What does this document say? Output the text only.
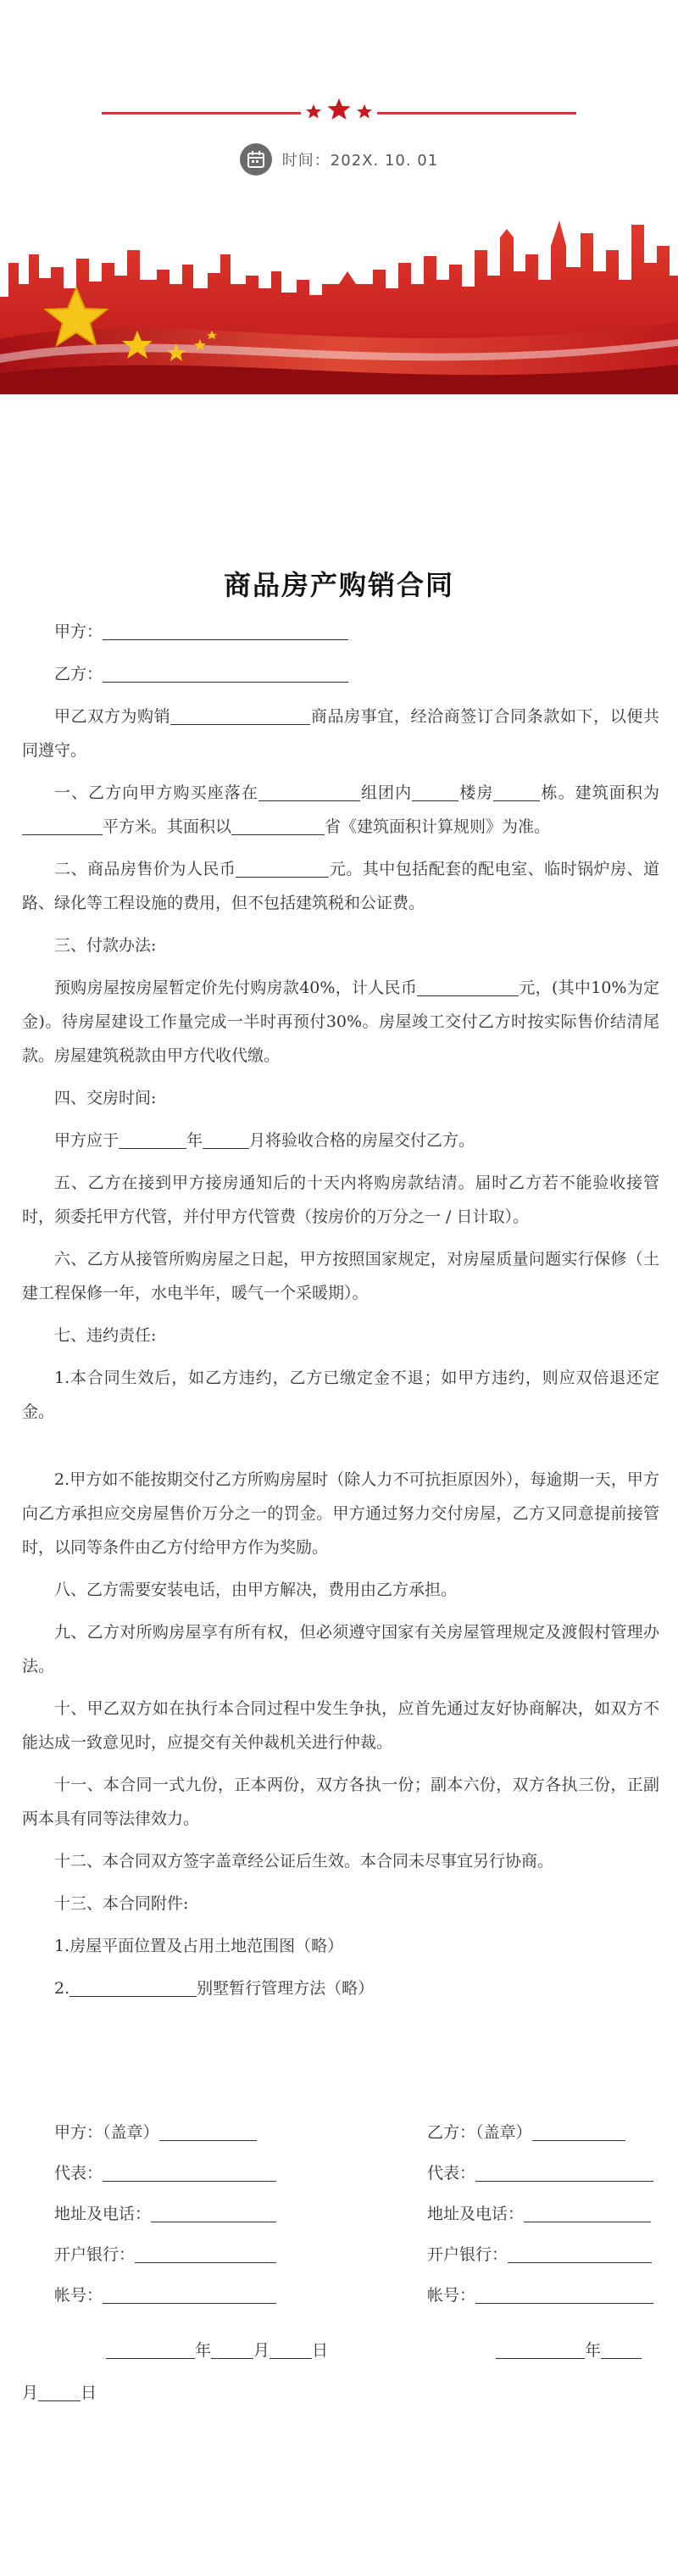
时间：202X. 10. 01
商品房产购销合同

甲方：

乙方：

甲乙双方为购销	商品房事宜，经洽商签订合同条款如下，以便共同遵守。

一、乙方向甲方购买座落在	组团内	楼房	栋。建筑面积为平方米。其面积以	省《建筑面积计算规则》为准。

二、商品房售价为人民币	元。其中包括配套的配电室、临时锅炉房、道路、绿化等工程设施的费用，但不包括建筑税和公证费。

三、付款办法:

预购房屋按房屋暂定价先付购房款40%，计人民币	元，(其中10%为定金)。待房屋建设工作量完成一半时再预付30%。房屋竣工交付乙方时按实际售价结清尾款。房屋建筑税款由甲方代收代缴。

四、交房时间:

甲方应于	年	月将验收合格的房屋交付乙方。

五、乙方在接到甲方接房通知后的十天内将购房款结清。届时乙方若不能验收接管时，须委托甲方代管，并付甲方代管费（按房价的万分之一 / 日计取）。

六、乙方从接管所购房屋之日起，甲方按照国家规定，对房屋质量问题实行保修（土建工程保修一年，水电半年，暖气一个采暖期）。

七、违约责任:

1.本合同生效后，如乙方违约，乙方已缴定金不退；如甲方违约，则应双倍退还定金。

2.甲方如不能按期交付乙方所购房屋时（除人力不可抗拒原因外），每逾期一天，甲方向乙方承担应交房屋售价万分之一的罚金。甲方通过努力交付房屋，乙方又同意提前接管时，以同等条件由乙方付给甲方作为奖励。

八、乙方需要安装电话，由甲方解决，费用由乙方承担。

九、乙方对所购房屋享有所有权，但必须遵守国家有关房屋管理规定及渡假村管理办法。

十、甲乙双方如在执行本合同过程中发生争执，应首先通过友好协商解决，如双方不能达成一致意见时，应提交有关仲裁机关进行仲裁。

十一、本合同一式九份，正本两份，双方各执一份；副本六份，双方各执三份，正副两本具有同等法律效力。

十二、本合同双方签字盖章经公证后生效。本合同未尽事宜另行协商。

十三、本合同附件:

1.房屋平面位置及占用土地范围图（略）

2.	别墅暂行管理方法（略）

甲方：（盖章）	乙方：（盖章）
代表：	代表：
地址及电话：	地址及电话：
开户银行：	开户银行：
帐号：	帐号：
年	月	日	年
月	日
